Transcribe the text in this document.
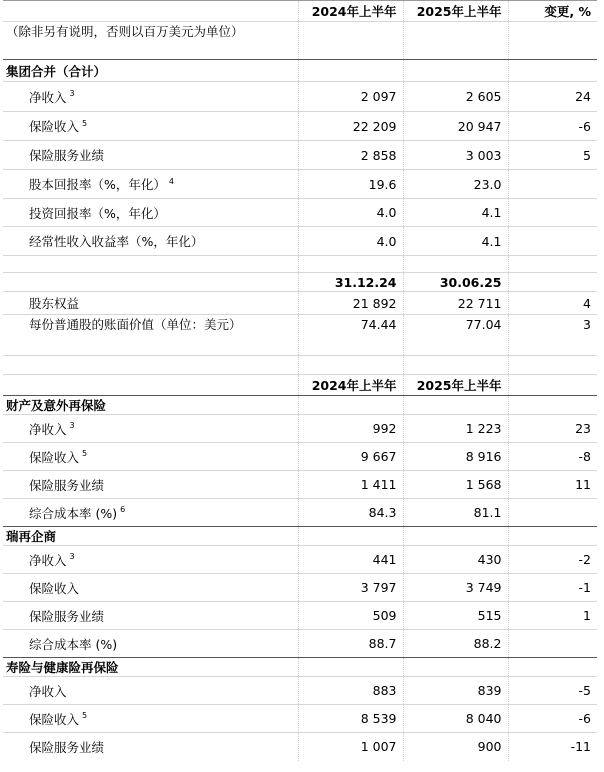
	2024年上半年	2025年上半年	变更, %
（除非另有说明，否则以百万美元为单位）			
集团合并（合计）			
净收入 $^3$	2 097	2 605	24
保险收入 $^5$	22 209	20 947	-6
保险服务业绩	2 858	3 003	5
股本回报率（%，年化） $^4$	19.6	23.0	
投资回报率（%，年化）	4.0	4.1	
经常性收入收益率（%，年化）	4.0	4.1	

	31.12.24	30.06.25	
股东权益	21 892	22 711	4
每份普通股的账面价值（单位：美元）	74.44	77.04	3

	2024年上半年	2025年上半年	
财产及意外再保险			
净收入 $^3$	992	1 223	23
保险收入 $^5$	9 667	8 916	-8
保险服务业绩	1 411	1 568	11
综合成本率 (%) $^6$	84.3	81.1	
瑞再企商			
净收入 $^3$	441	430	-2
保险收入	3 797	3 749	-1
保险服务业绩	509	515	1
综合成本率 (%)	88.7	88.2	
寿险与健康险再保险			
净收入	883	839	-5
保险收入 $^5$	8 539	8 040	-6
保险服务业绩	1 007	900	-11
